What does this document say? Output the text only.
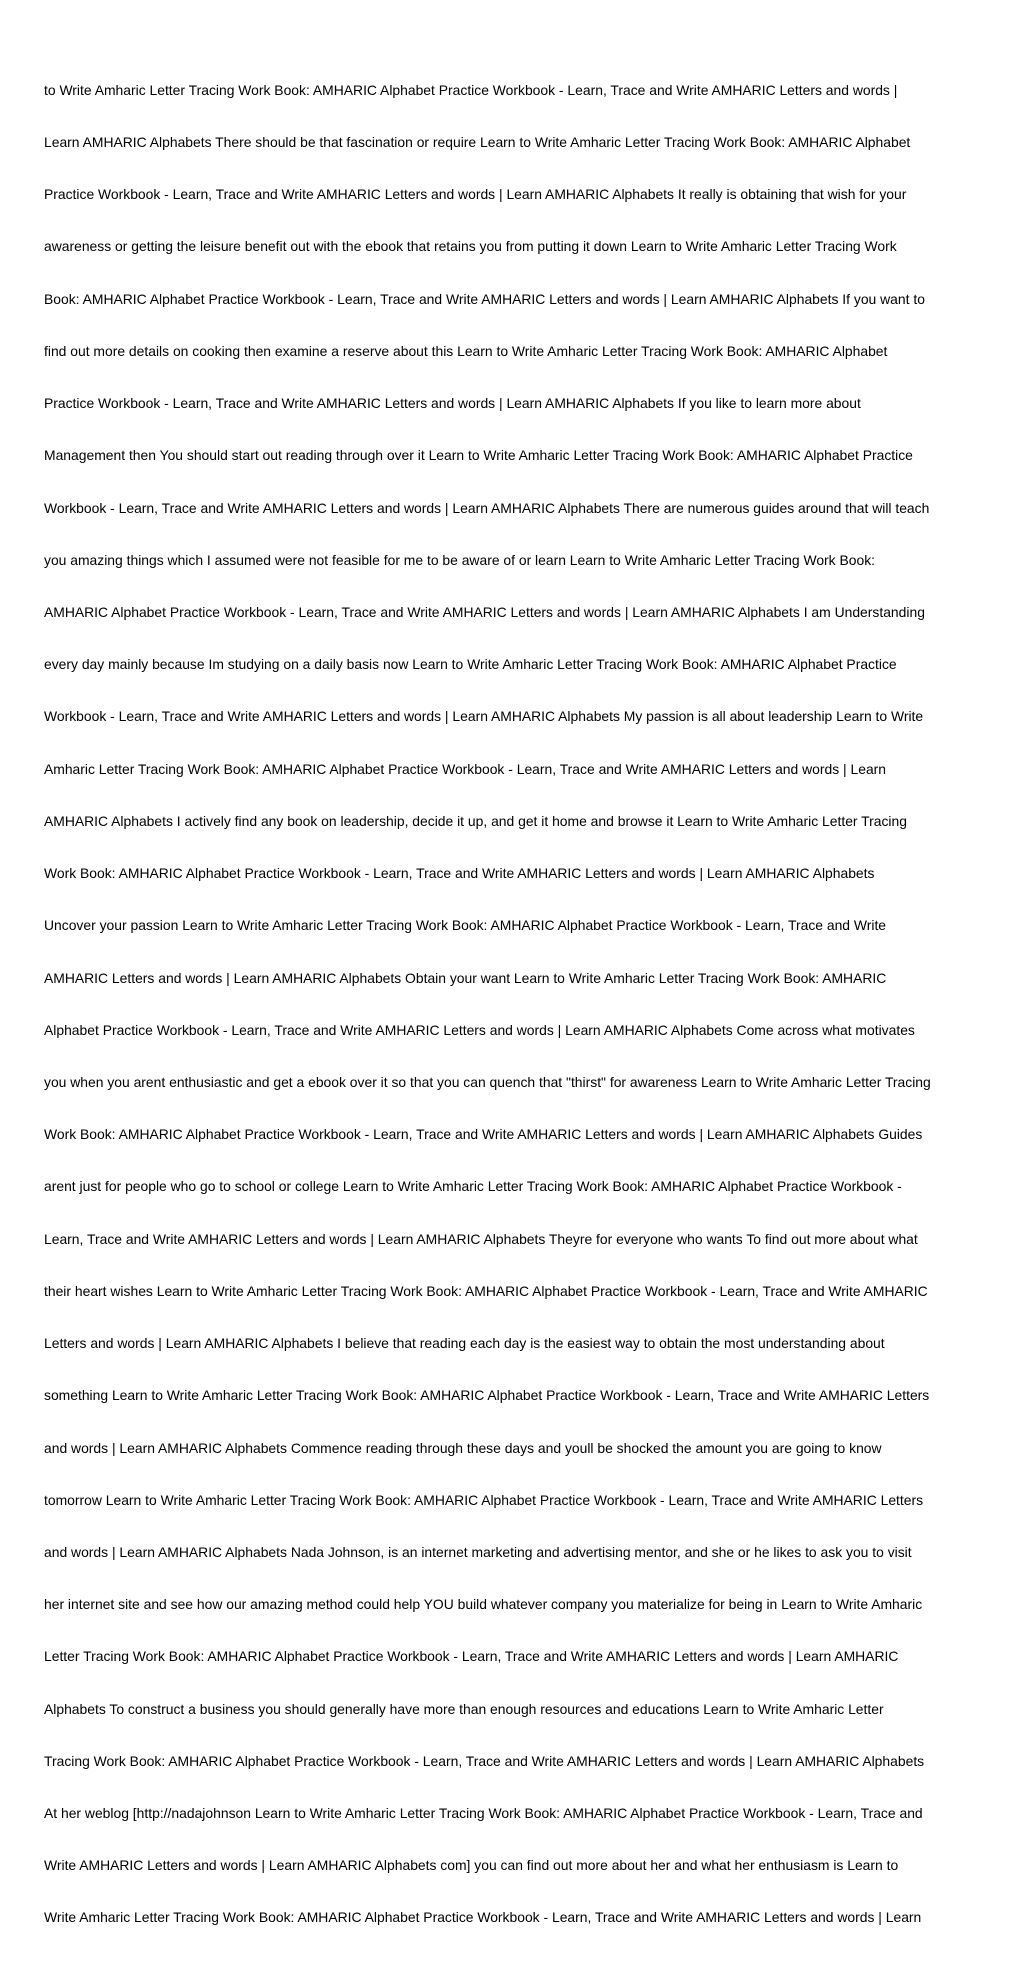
to Write Amharic Letter Tracing Work Book: AMHARIC Alphabet Practice Workbook - Learn, Trace and Write AMHARIC Letters and words |

Learn AMHARIC Alphabets There should be that fascination or require Learn to Write Amharic Letter Tracing Work Book: AMHARIC Alphabet

Practice Workbook - Learn, Trace and Write AMHARIC Letters and words | Learn AMHARIC Alphabets It really is obtaining that wish for your

awareness or getting the leisure benefit out with the ebook that retains you from putting it down Learn to Write Amharic Letter Tracing Work

Book: AMHARIC Alphabet Practice Workbook - Learn, Trace and Write AMHARIC Letters and words | Learn AMHARIC Alphabets If you want to

find out more details on cooking then examine a reserve about this Learn to Write Amharic Letter Tracing Work Book: AMHARIC Alphabet

Practice Workbook - Learn, Trace and Write AMHARIC Letters and words | Learn AMHARIC Alphabets If you like to learn more about

Management then You should start out reading through over it Learn to Write Amharic Letter Tracing Work Book: AMHARIC Alphabet Practice

Workbook - Learn, Trace and Write AMHARIC Letters and words | Learn AMHARIC Alphabets There are numerous guides around that will teach

you amazing things which I assumed were not feasible for me to be aware of or learn Learn to Write Amharic Letter Tracing Work Book:

AMHARIC Alphabet Practice Workbook - Learn, Trace and Write AMHARIC Letters and words | Learn AMHARIC Alphabets I am Understanding

every day mainly because Im studying on a daily basis now Learn to Write Amharic Letter Tracing Work Book: AMHARIC Alphabet Practice

Workbook - Learn, Trace and Write AMHARIC Letters and words | Learn AMHARIC Alphabets My passion is all about leadership Learn to Write

Amharic Letter Tracing Work Book: AMHARIC Alphabet Practice Workbook - Learn, Trace and Write AMHARIC Letters and words | Learn

AMHARIC Alphabets I actively find any book on leadership, decide it up, and get it home and browse it Learn to Write Amharic Letter Tracing

Work Book: AMHARIC Alphabet Practice Workbook - Learn, Trace and Write AMHARIC Letters and words | Learn AMHARIC Alphabets

Uncover your passion Learn to Write Amharic Letter Tracing Work Book: AMHARIC Alphabet Practice Workbook - Learn, Trace and Write

AMHARIC Letters and words | Learn AMHARIC Alphabets Obtain your want Learn to Write Amharic Letter Tracing Work Book: AMHARIC

Alphabet Practice Workbook - Learn, Trace and Write AMHARIC Letters and words | Learn AMHARIC Alphabets Come across what motivates

you when you arent enthusiastic and get a ebook over it so that you can quench that "thirst" for awareness Learn to Write Amharic Letter Tracing

Work Book: AMHARIC Alphabet Practice Workbook - Learn, Trace and Write AMHARIC Letters and words | Learn AMHARIC Alphabets Guides

arent just for people who go to school or college Learn to Write Amharic Letter Tracing Work Book: AMHARIC Alphabet Practice Workbook -

Learn, Trace and Write AMHARIC Letters and words | Learn AMHARIC Alphabets Theyre for everyone who wants To find out more about what

their heart wishes Learn to Write Amharic Letter Tracing Work Book: AMHARIC Alphabet Practice Workbook - Learn, Trace and Write AMHARIC

Letters and words | Learn AMHARIC Alphabets I believe that reading each day is the easiest way to obtain the most understanding about

something Learn to Write Amharic Letter Tracing Work Book: AMHARIC Alphabet Practice Workbook - Learn, Trace and Write AMHARIC Letters

and words | Learn AMHARIC Alphabets Commence reading through these days and youll be shocked the amount you are going to know

tomorrow Learn to Write Amharic Letter Tracing Work Book: AMHARIC Alphabet Practice Workbook - Learn, Trace and Write AMHARIC Letters

and words | Learn AMHARIC Alphabets Nada Johnson, is an internet marketing and advertising mentor, and she or he likes to ask you to visit

her internet site and see how our amazing method could help YOU build whatever company you materialize for being in Learn to Write Amharic

Letter Tracing Work Book: AMHARIC Alphabet Practice Workbook - Learn, Trace and Write AMHARIC Letters and words | Learn AMHARIC

Alphabets To construct a business you should generally have more than enough resources and educations Learn to Write Amharic Letter

Tracing Work Book: AMHARIC Alphabet Practice Workbook - Learn, Trace and Write AMHARIC Letters and words | Learn AMHARIC Alphabets

At her weblog [http://nadajohnson Learn to Write Amharic Letter Tracing Work Book: AMHARIC Alphabet Practice Workbook - Learn, Trace and

Write AMHARIC Letters and words | Learn AMHARIC Alphabets com] you can find out more about her and what her enthusiasm is Learn to

Write Amharic Letter Tracing Work Book: AMHARIC Alphabet Practice Workbook - Learn, Trace and Write AMHARIC Letters and words | Learn
